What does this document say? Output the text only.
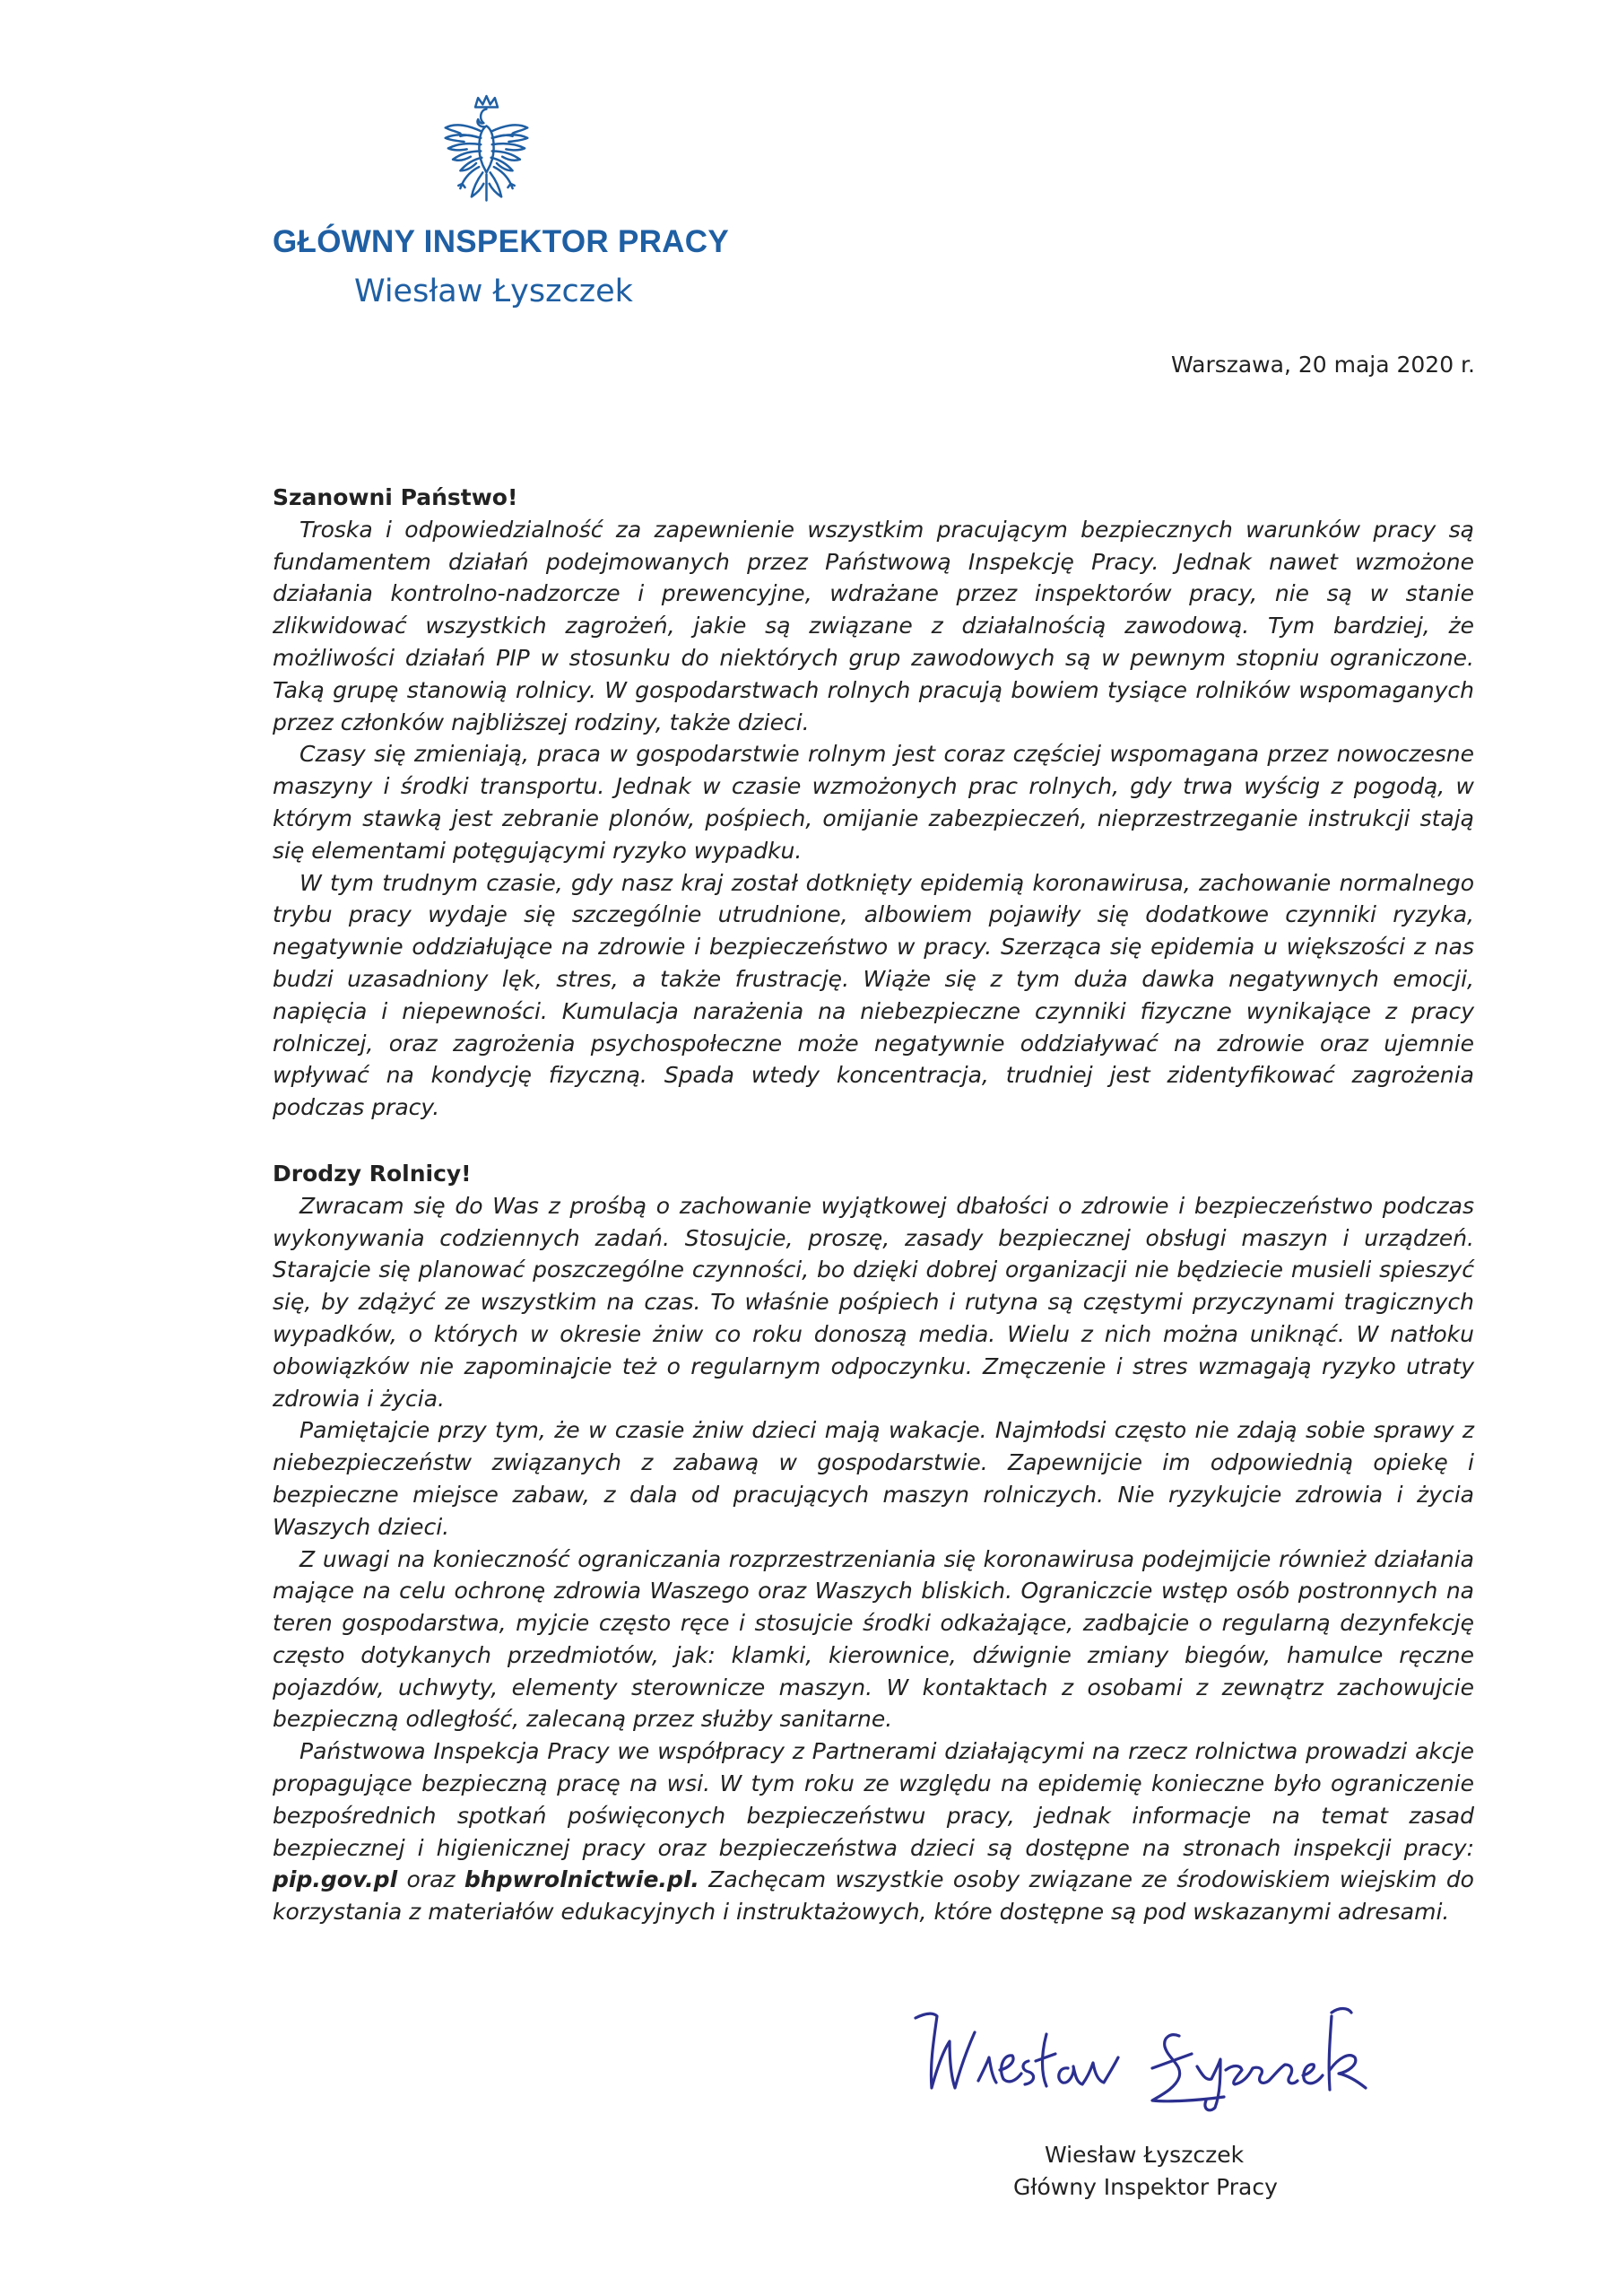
GŁÓWNY INSPEKTOR PRACY

Wiesław Łyszczek

Warszawa, 20 maja 2020 r.

Szanowni Państwo!

Troska i odpowiedzialność za zapewnienie wszystkim pracującym bezpiecznych warunków pracy są fundamentem działań podejmowanych przez Państwową Inspekcję Pracy. Jednak nawet wzmożone działania kontrolno-nadzorcze i prewencyjne, wdrażane przez inspektorów pracy, nie są w stanie zlikwidować wszystkich zagrożeń, jakie są związane z działalnością zawodową. Tym bardziej, że możliwości działań PIP w stosunku do niektórych grup zawodowych są w pewnym stopniu ograniczone. Taką grupę stanowią rolnicy. W gospodarstwach rolnych pracują bowiem tysiące rolników wspomaganych przez członków najbliższej rodziny, także dzieci.

Czasy się zmieniają, praca w gospodarstwie rolnym jest coraz częściej wspomagana przez nowoczesne maszyny i środki transportu. Jednak w czasie wzmożonych prac rolnych, gdy trwa wyścig z pogodą, w którym stawką jest zebranie plonów, pośpiech, omijanie zabezpieczeń, nieprzestrzeganie instrukcji stają się elementami potęgującymi ryzyko wypadku.

W tym trudnym czasie, gdy nasz kraj został dotknięty epidemią koronawirusa, zachowanie normalnego trybu pracy wydaje się szczególnie utrudnione, albowiem pojawiły się dodatkowe czynniki ryzyka, negatywnie oddziałujące na zdrowie i bezpieczeństwo w pracy. Szerząca się epidemia u większości z nas budzi uzasadniony lęk, stres, a także frustrację. Wiąże się z tym duża dawka negatywnych emocji, napięcia i niepewności. Kumulacja narażenia na niebezpieczne czynniki fizyczne wynikające z pracy rolniczej, oraz zagrożenia psychospołeczne może negatywnie oddziaływać na zdrowie oraz ujemnie wpływać na kondycję fizyczną. Spada wtedy koncentracja, trudniej jest zidentyfikować zagrożenia podczas pracy.

Drodzy Rolnicy!

Zwracam się do Was z prośbą o zachowanie wyjątkowej dbałości o zdrowie i bezpieczeństwo podczas wykonywania codziennych zadań. Stosujcie, proszę, zasady bezpiecznej obsługi maszyn i urządzeń. Starajcie się planować poszczególne czynności, bo dzięki dobrej organizacji nie będziecie musieli spieszyć się, by zdążyć ze wszystkim na czas. To właśnie pośpiech i rutyna są częstymi przyczynami tragicznych wypadków, o których w okresie żniw co roku donoszą media. Wielu z nich można uniknąć. W natłoku obowiązków nie zapominajcie też o regularnym odpoczynku. Zmęczenie i stres wzmagają ryzyko utraty zdrowia i życia.

Pamiętajcie przy tym, że w czasie żniw dzieci mają wakacje. Najmłodsi często nie zdają sobie sprawy z niebezpieczeństw związanych z zabawą w gospodarstwie. Zapewnijcie im odpowiednią opiekę i bezpieczne miejsce zabaw, z dala od pracujących maszyn rolniczych. Nie ryzykujcie zdrowia i życia Waszych dzieci.

Z uwagi na konieczność ograniczania rozprzestrzeniania się koronawirusa podejmijcie również działania mające na celu ochronę zdrowia Waszego oraz Waszych bliskich. Ograniczcie wstęp osób postronnych na teren gospodarstwa, myjcie często ręce i stosujcie środki odkażające, zadbajcie o regularną dezynfekcję często dotykanych przedmiotów, jak: klamki, kierownice, dźwignie zmiany biegów, hamulce ręczne pojazdów, uchwyty, elementy sterownicze maszyn. W kontaktach z osobami z zewnątrz zachowujcie bezpieczną odległość, zalecaną przez służby sanitarne.

Państwowa Inspekcja Pracy we współpracy z Partnerami działającymi na rzecz rolnictwa prowadzi akcje propagujące bezpieczną pracę na wsi. W tym roku ze względu na epidemię konieczne było ograniczenie bezpośrednich spotkań poświęconych bezpieczeństwu pracy, jednak informacje na temat zasad bezpiecznej i higienicznej pracy oraz bezpieczeństwa dzieci są dostępne na stronach inspekcji pracy: pip.gov.pl oraz bhpwrolnictwie.pl. Zachęcam wszystkie osoby związane ze środowiskiem wiejskim do korzystania z materiałów edukacyjnych i instruktażowych, które dostępne są pod wskazanymi adresami.

Wiesław Łyszczek

Główny Inspektor Pracy
